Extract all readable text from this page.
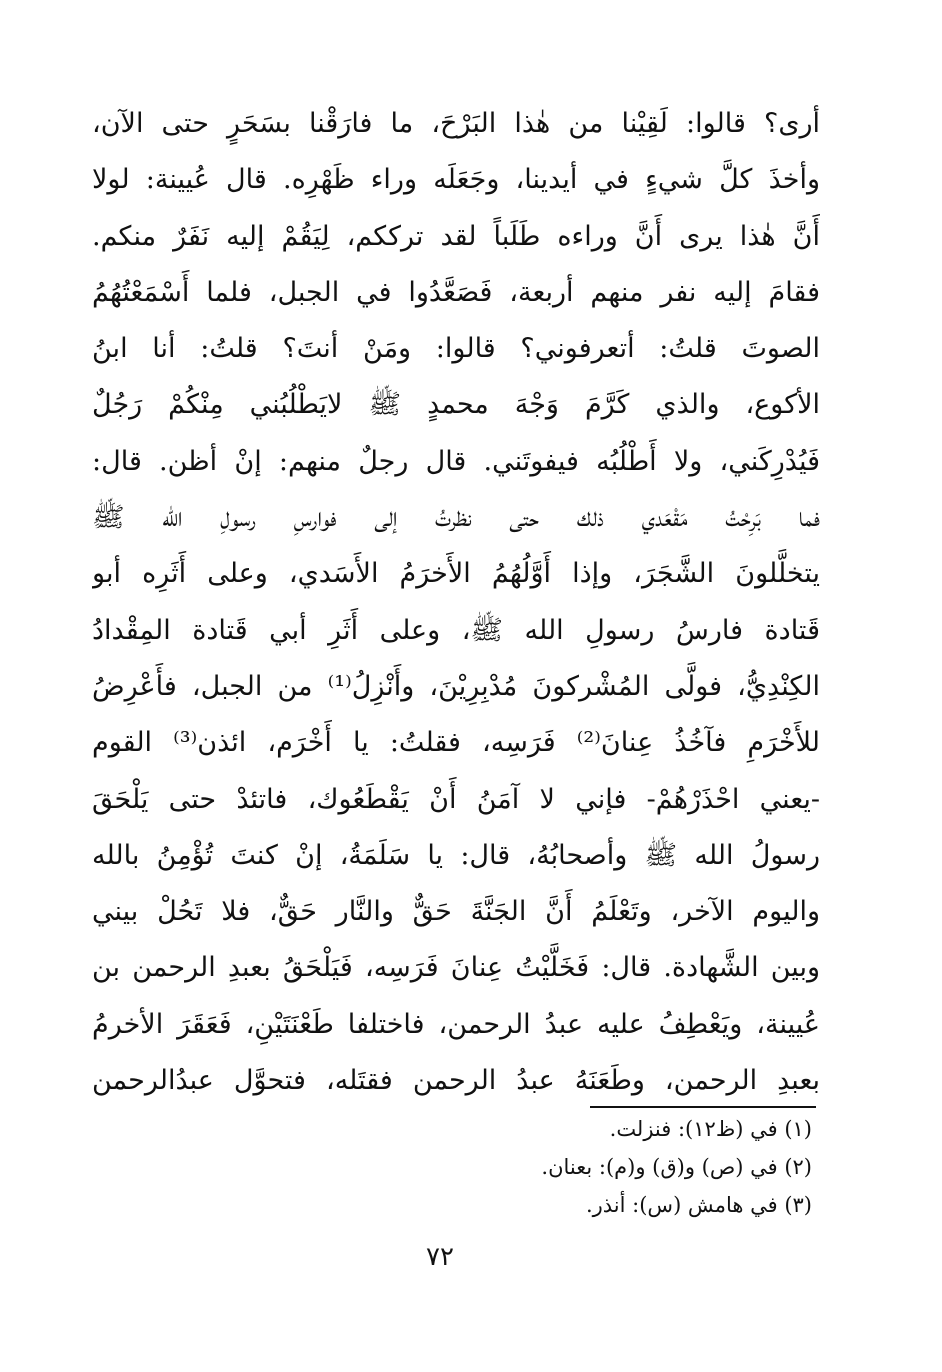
أرى؟ قالوا: لَقِيْنا من هٰذا البَرْحَ، ما فارَقْنا بسَحَرٍ حتى الآن،
وأخذَ كلَّ شيءٍ في أيدينا، وجَعَلَه وراء ظَهْرِه. قال عُيينة: لولا
أَنَّ هٰذا يرى أَنَّ وراءه طَلَباً لقد ترككم، لِيَقُمْ إليه نَفَرٌ منكم.
فقامَ إليه نفر منهم أربعة، فَصَعَّدُوا في الجبل، فلما أَسْمَعْتُهُمُ
الصوتَ قلتُ: أتعرفوني؟ قالوا: ومَنْ أنتَ؟ قلتُ: أنا ابنُ
الأكوع، والذي كَرَّمَ وَجْهَ محمدٍ ﷺ لايَطْلُبُني مِنْكُمْ رَجُلٌ
فَيُدْرِكَني، ولا أَطْلُبُه فيفوتَني. قال رجلٌ منهم: إنْ أظن. قال:
فما بَرِحْتُ مَقْعَدي ذلك حتى نظرتُ إلى فوارسِ رسولِ الله ﷺ
يتخلَّلونَ الشَّجَرَ، وإذا أَوَّلُهُمُ الأَخرَمُ الأَسَدي، وعلى أَثَرِه أبو
قَتادة فارسُ رسولِ الله ﷺ، وعلى أَثَرِ أبي قَتادة المِقْدادُ
الكِنْدِيُّ، فولَّى المُشْركونَ مُدْبِرِيْنَ، وأَنْزِلُ⁽¹⁾ من الجبل، فأَعْرِضُ
للأَخْرَمِ فآخُذُ عِنانَ⁽²⁾ فَرَسِه، فقلتُ: يا أَخْرَم، ائذن⁽³⁾ القوم
-يعني احْذَرْهُمْ- فإني لا آمَنُ أَنْ يَقْطَعُوك، فاتئدْ حتى يَلْحَقَ
رسولُ الله ﷺ وأصحابُهُ، قال: يا سَلَمَةُ، إنْ كنتَ تُؤْمِنُ بالله
واليوم الآخر، وتَعْلَمُ أَنَّ الجَنَّةَ حَقٌّ والنَّار حَقٌّ، فلا تَحُلْ بيني
وبين الشَّهادة. قال: فَخَلَّيْتُ عِنانَ فَرَسِه، فَيَلْحَقُ بعبدِ الرحمن بن
عُيينة، ويَعْطِفُ عليه عبدُ الرحمن، فاختلفا طَعْنَتَيْنِ، فَعَقَرَ الأخرمُ
بعبدِ الرحمن، وطَعَنَهُ عبدُ الرحمن فقتَله، فتحوَّل عبدُالرحمن
(١) في (ظ١٢): فنزلت.
(٢) في (ص) و(ق) و(م): بعنان.
(٣) في هامش (س): أنذر.
٧٢
